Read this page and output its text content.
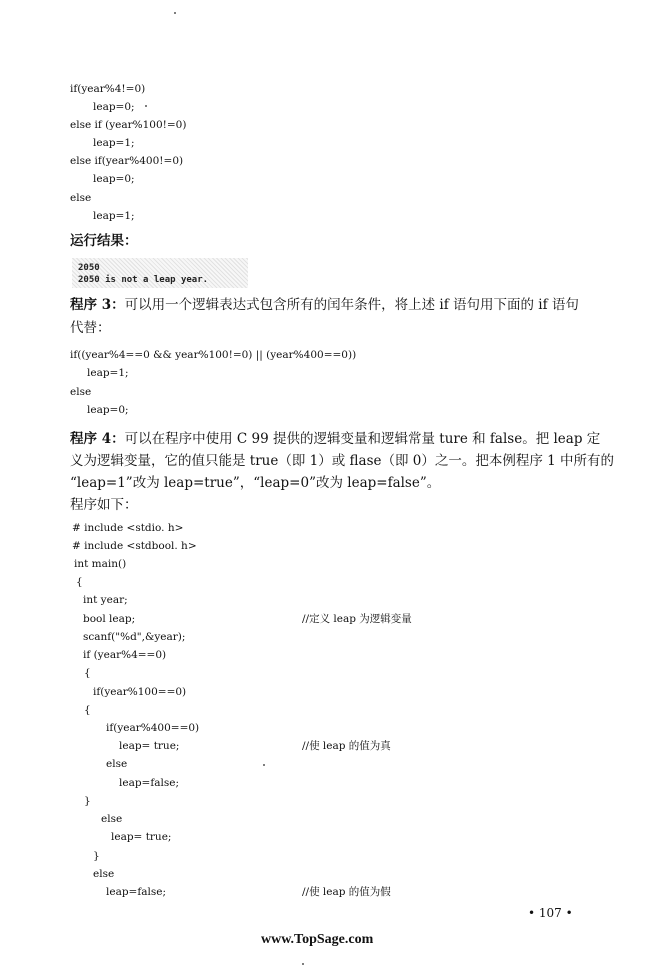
if(year%4!=0)
leap=0;
else if (year%100!=0)
leap=1;
else if(year%400!=0)
leap=0;
else
leap=1;
运行结果：
2050
2050 is not a leap year.
程序 3：可以用一个逻辑表达式包含所有的闰年条件，将上述 if 语句用下面的 if 语句
代替：
if((year%4==0 && year%100!=0) || (year%400==0))
leap=1;
else
leap=0;
程序 4：可以在程序中使用 C 99 提供的逻辑变量和逻辑常量 ture 和 false。把 leap 定
义为逻辑变量，它的值只能是 true（即 1）或 flase（即 0）之一。把本例程序 1 中所有的
“leap=1”改为 leap=true”，“leap=0”改为 leap=false”。
程序如下：
# include <stdio. h>
# include <stdbool. h>
int main()
{
int year;
bool leap;
scanf("%d",&year);
if (year%4==0)
{
if(year%100==0)
{
if(year%400==0)
leap= true;
else
leap=false;
}
else
leap= true;
}
else
leap=false;
//定义 leap 为逻辑变量
//使 leap 的值为真
//使 leap 的值为假
• 107 •
www.TopSage.com
